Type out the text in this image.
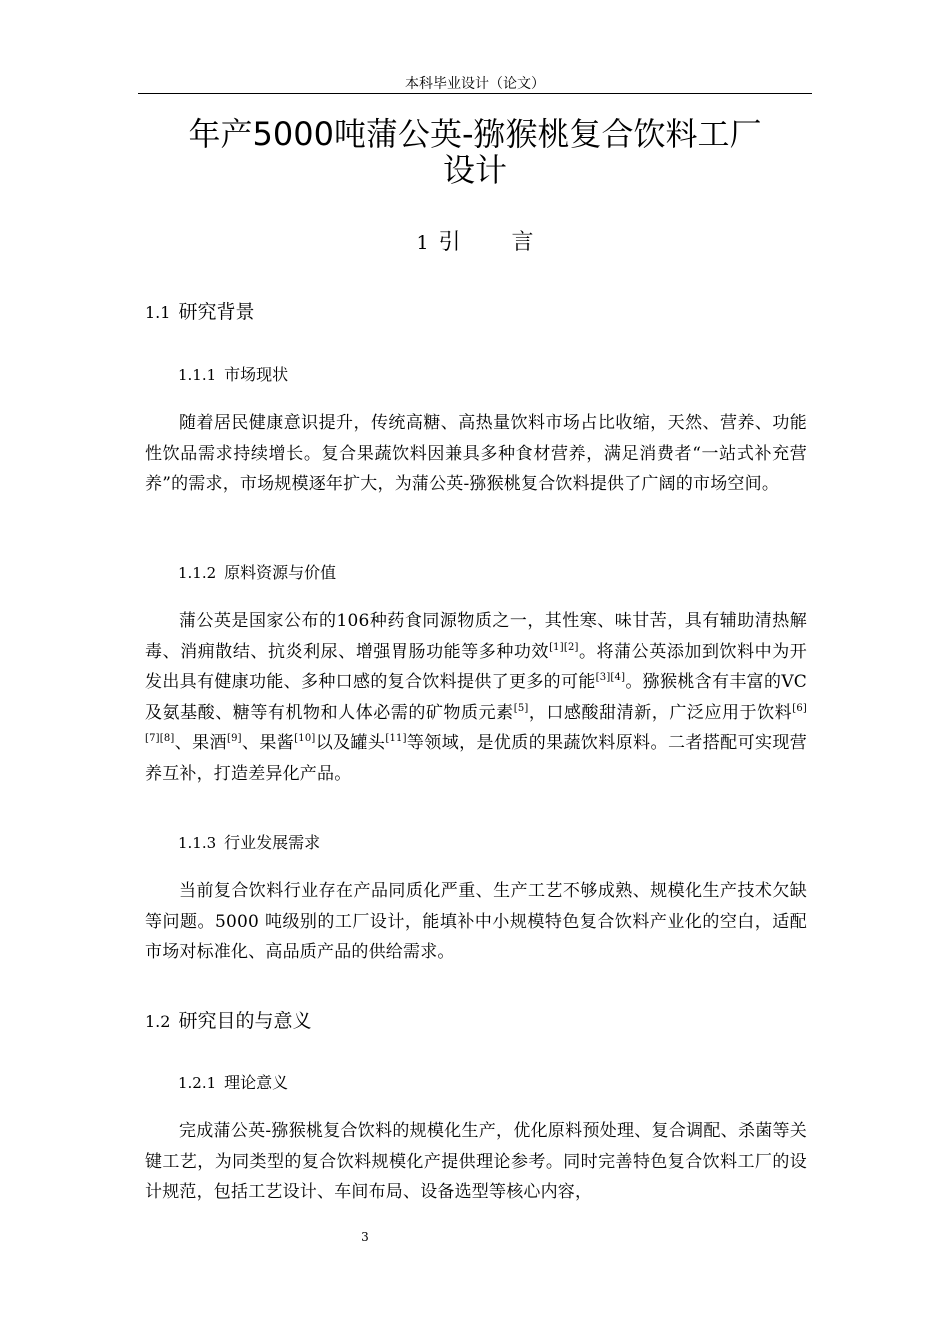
本科毕业设计（论文）
年产5000吨蒲公英-猕猴桃复合饮料工厂
设计
1 引 言
1.1 研究背景
1.1.1 市场现状

随着居民健康意识提升，传统高糖、高热量饮料市场占比收缩，天然、营养、功能性饮品需求持续增长。复合果蔬饮料因兼具多种食材营养，满足消费者“一站式补充营养”的需求，市场规模逐年扩大，为蒲公英-猕猴桃复合饮料提供了广阔的市场空间。

1.1.2 原料资源与价值

蒲公英是国家公布的106种药食同源物质之一，其性寒、味甘苦，具有辅助清热解毒、消痈散结、抗炎利尿、增强胃肠功能等多种功效[1][2]。将蒲公英添加到饮料中为开发出具有健康功能、多种口感的复合饮料提供了更多的可能[3][4]。猕猴桃含有丰富的VC及氨基酸、糖等有机物和人体必需的矿物质元素[5]，口感酸甜清新，广泛应用于饮料[6][7][8]、果酒[9]、果酱[10]以及罐头[11]等领域，是优质的果蔬饮料原料。二者搭配可实现营养互补，打造差异化产品。

1.1.3 行业发展需求

当前复合饮料行业存在产品同质化严重、生产工艺不够成熟、规模化生产技术欠缺等问题。5000 吨级别的工厂设计，能填补中小规模特色复合饮料产业化的空白，适配市场对标准化、高品质产品的供给需求。

1.2 研究目的与意义
1.2.1 理论意义

完成蒲公英-猕猴桃复合饮料的规模化生产，优化原料预处理、复合调配、杀菌等关键工艺，为同类型的复合饮料规模化产提供理论参考。同时完善特色复合饮料工厂的设计规范，包括工艺设计、车间布局、设备选型等核心内容，

3
